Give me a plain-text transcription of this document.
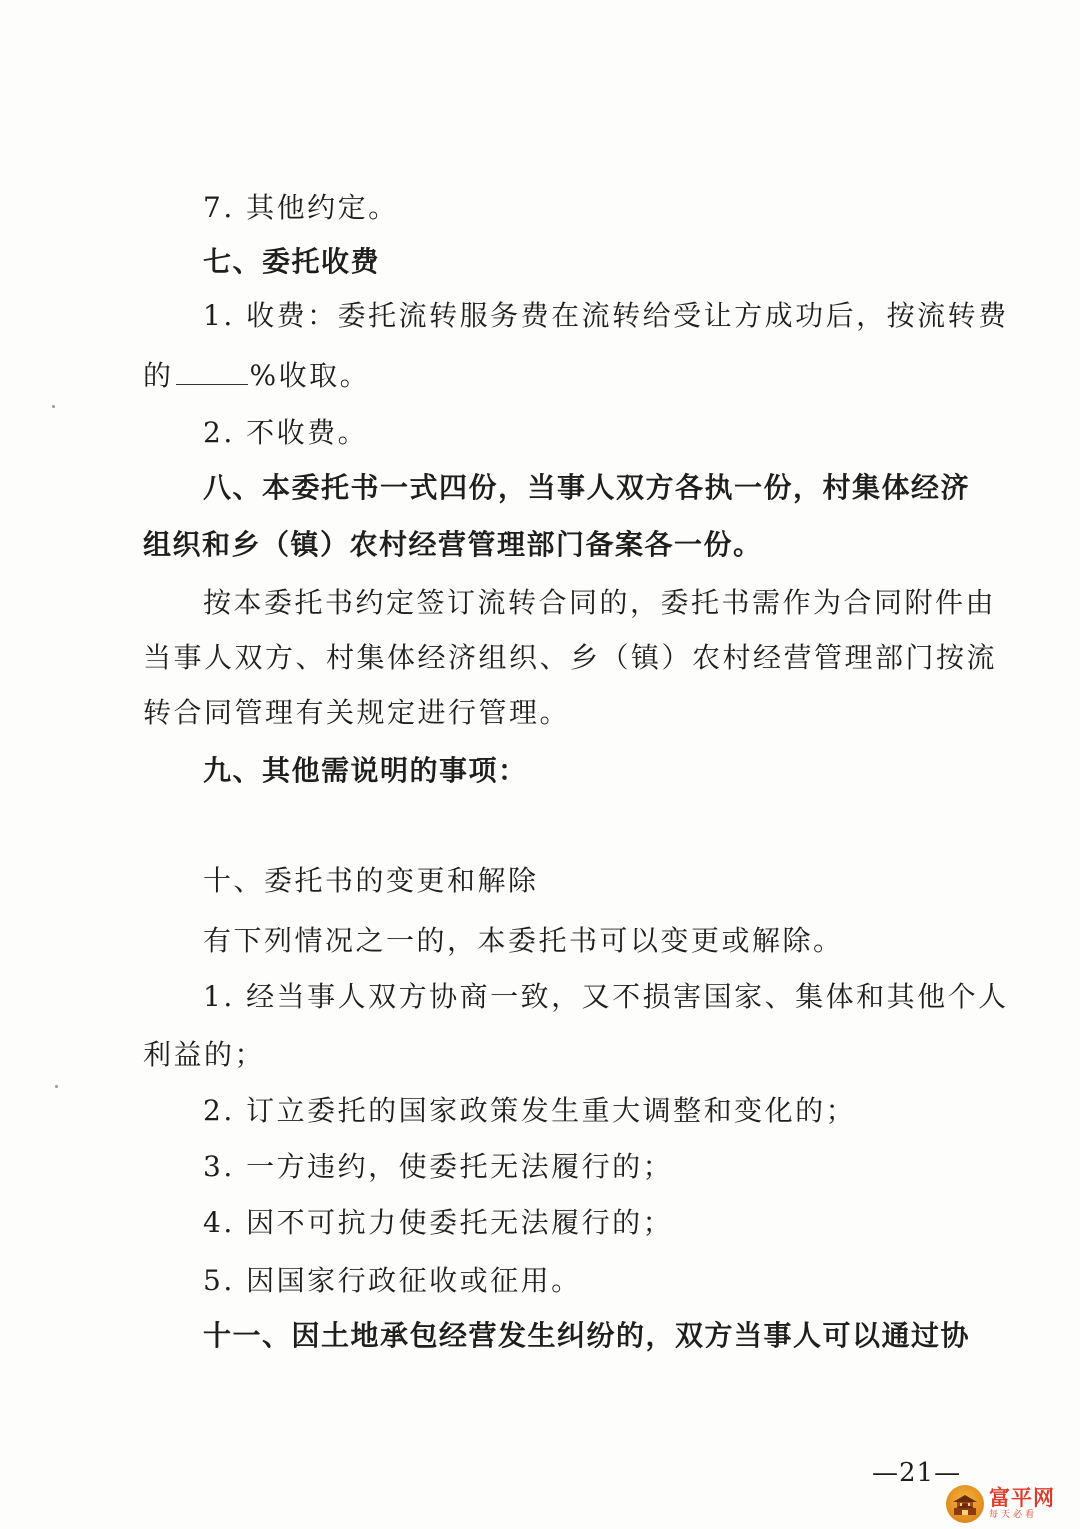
7. 其他约定。
七、委托收费
1. 收费：委托流转服务费在流转给受让方成功后，按流转费
的	%收取。
2. 不收费。
八、本委托书一式四份，当事人双方各执一份，村集体经济
组织和乡（镇）农村经营管理部门备案各一份。
按本委托书约定签订流转合同的，委托书需作为合同附件由
当事人双方、村集体经济组织、乡（镇）农村经营管理部门按流
转合同管理有关规定进行管理。
九、其他需说明的事项：
十、委托书的变更和解除
有下列情况之一的，本委托书可以变更或解除。
1. 经当事人双方协商一致，又不损害国家、集体和其他个人
利益的；
2. 订立委托的国家政策发生重大调整和变化的；
3. 一方违约，使委托无法履行的；
4. 因不可抗力使委托无法履行的；
5. 因国家行政征收或征用。
十一、因土地承包经营发生纠纷的，双方当事人可以通过协
—21—
富平网
每天必看
